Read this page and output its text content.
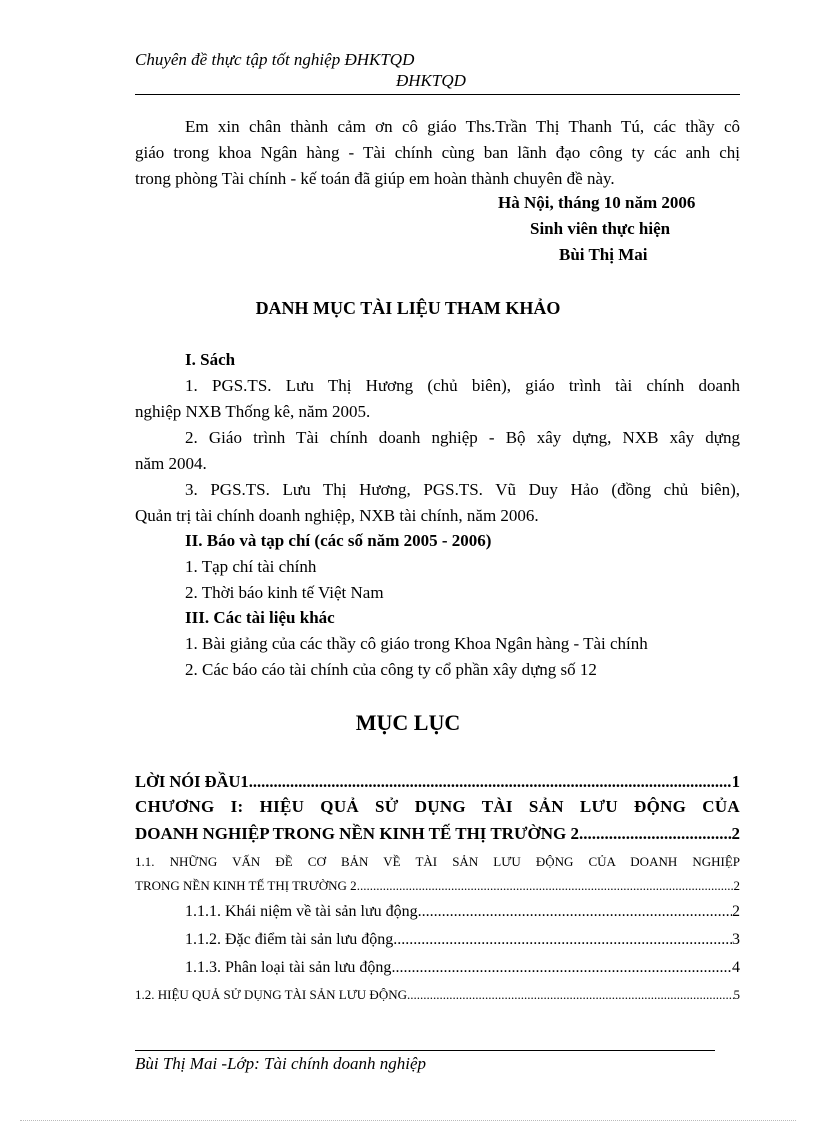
Chuyên đề thực tập tốt nghiệp ĐHKTQD
ĐHKTQD
Em xin chân thành cảm ơn cô giáo Ths.Trần Thị Thanh Tú, các thầy cô
giáo trong khoa Ngân hàng - Tài chính cùng ban lãnh đạo công ty các anh chị
trong phòng Tài chính - kế toán đã giúp em hoàn thành chuyên đề này.
Hà Nội, tháng 10 năm 2006
Sinh viên thực hiện
Bùi Thị Mai
DANH MỤC TÀI LIỆU THAM KHẢO
I. Sách
1. PGS.TS. Lưu Thị Hương (chủ biên), giáo trình tài chính doanh
nghiệp NXB Thống kê, năm 2005.
2. Giáo trình Tài chính doanh nghiệp - Bộ xây dựng, NXB xây dựng
năm 2004.
3. PGS.TS. Lưu Thị Hương, PGS.TS. Vũ Duy Hảo (đồng chủ biên),
Quản trị tài chính doanh nghiệp, NXB tài chính, năm 2006.
II. Báo và tạp chí (các số năm 2005 - 2006)
1. Tạp chí tài chính
2. Thời báo kinh tế Việt Nam
III. Các tài liệu khác
1. Bài giảng của các thầy cô giáo trong Khoa Ngân hàng - Tài chính
2. Các báo cáo tài chính của công ty cổ phần xây dựng số 12
MỤC LỤC
LỜI NÓI ĐẦU1 .....	1
CHƯƠNG I: HIỆU QUẢ SỬ DỤNG TÀI SẢN LƯU ĐỘNG CỦA
DOANH NGHIỆP TRONG NỀN KINH TẾ THỊ TRƯỜNG 2 .....	2
1.1. NHỮNG VẤN ĐỀ CƠ BẢN VỀ TÀI SẢN LƯU ĐỘNG CỦA DOANH NGHIỆP
TRONG NỀN KINH TẾ THỊ TRƯỜNG 2 .....	2
1.1.1. Khái niệm về tài sản lưu động .....	2
1.1.2. Đặc điểm tài sản lưu động .....	3
1.1.3. Phân loại tài sản lưu động .....	4
1.2. HIỆU QUẢ SỬ DỤNG TÀI SẢN LƯU ĐỘNG .....	5
Bùi Thị Mai -Lớp: Tài chính doanh nghiệp
